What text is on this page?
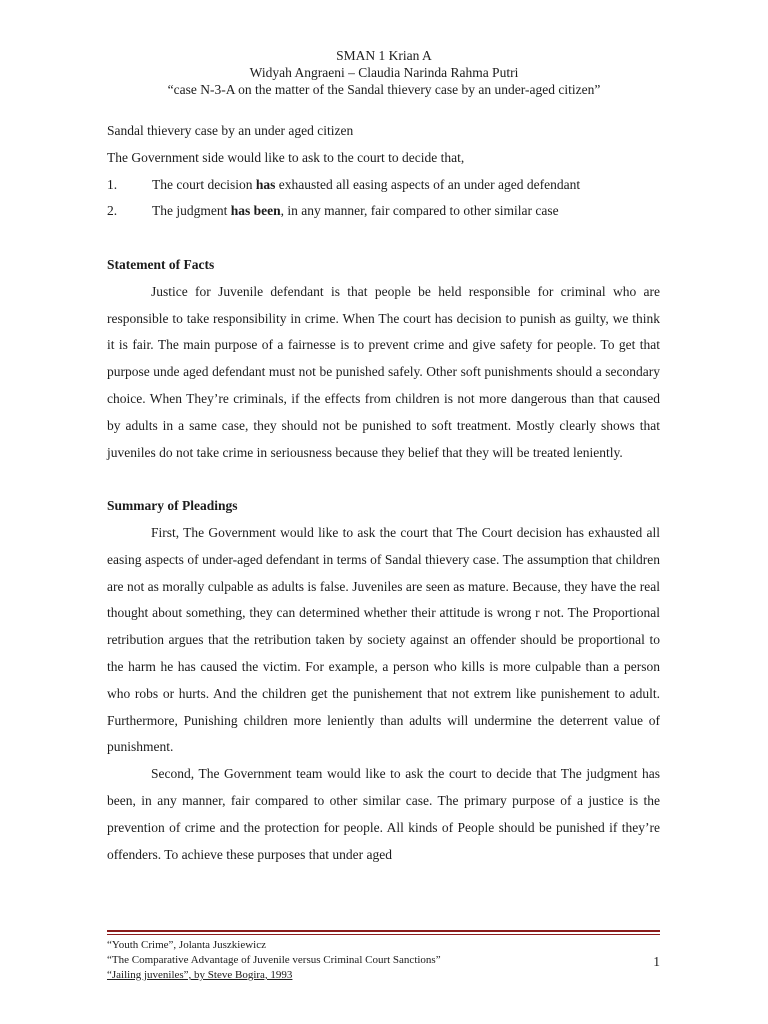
SMAN 1 Krian A
Widyah Angraeni – Claudia Narinda Rahma Putri
“case N-3-A on the matter of the Sandal thievery case by an under-aged citizen”
Sandal thievery case by an under aged citizen
The Government side would like to ask to the court to decide that,
1.	The court decision has exhausted all easing aspects of an under aged defendant
2.	The judgment has been, in any manner, fair compared to other similar case
Statement of Facts

Justice for Juvenile defendant is that people be held responsible for criminal who are responsible to take responsibility in crime. When The court has decision to punish as guilty, we think it is fair. The main purpose of a fairnesse is to prevent crime and give safety for people. To get that purpose unde aged defendant must not be punished safely. Other soft punishments should a secondary choice. When They’re criminals, if the effects from children is not more dangerous than that caused by adults in a same case, they should not be punished to soft treatment. Mostly clearly shows that juveniles do not take crime in seriousness because they belief that they will be treated leniently.

Summary of Pleadings

First, The Government would like to ask the court that The Court decision has exhausted all easing aspects of under-aged defendant in terms of Sandal thievery case. The assumption that children are not as morally culpable as adults is false. Juveniles are seen as mature. Because, they have the real thought about something, they can determined whether their attitude is wrong r not. The Proportional retribution argues that the retribution taken by society against an offender should be proportional to the harm he has caused the victim. For example, a person who kills is more culpable than a person who robs or hurts. And the children get the punishement that not extrem like punishement to adult. Furthermore, Punishing children more leniently than adults will undermine the deterrent value of punishment.

Second, The Government team would like to ask the court to decide that The judgment has been, in any manner, fair compared to other similar case. The primary purpose of a justice is the prevention of crime and the protection for people. All kinds of People should be punished if they’re offenders. To achieve these purposes that under aged

“Youth Crime”, Jolanta Juszkiewicz
“The Comparative Advantage of Juvenile versus Criminal Court Sanctions”
“Jailing juveniles”, by Steve Bogira, 1993
1
